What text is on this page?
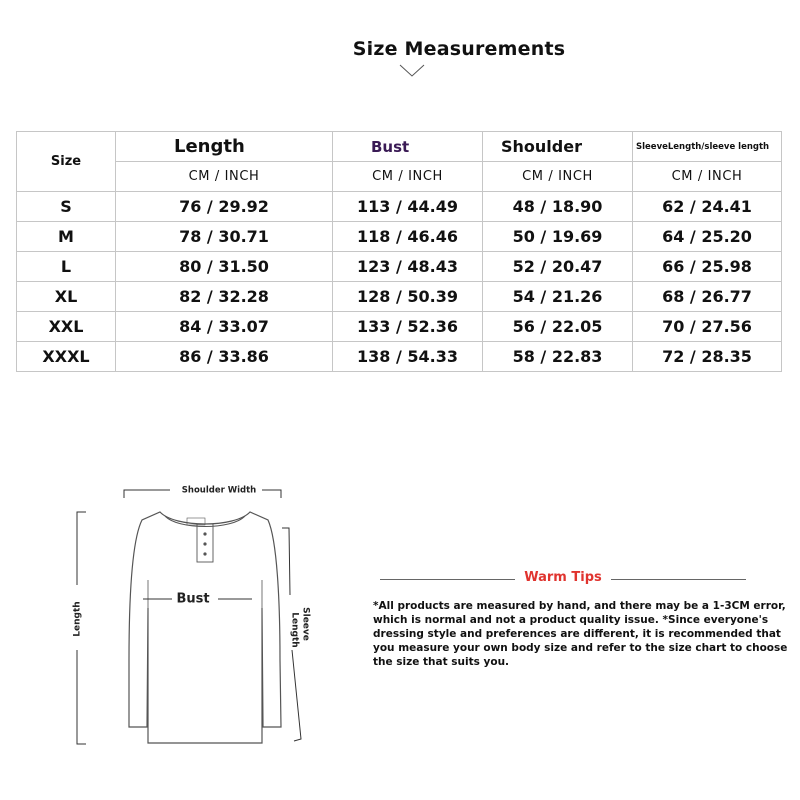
Size Measurements
Size	Length	Bust	Shoulder	SleeveLength/sleeve length
	CM / INCH	CM / INCH	CM / INCH	CM / INCH
S	76 / 29.92	113 / 44.49	48 / 18.90	62 / 24.41
M	78 / 30.71	118 / 46.46	50 / 19.69	64 / 25.20
L	80 / 31.50	123 / 48.43	52 / 20.47	66 / 25.98
XL	82 / 32.28	128 / 50.39	54 / 21.26	68 / 26.77
XXL	84 / 33.07	133 / 52.36	56 / 22.05	70 / 27.56
XXXL	86 / 33.86	138 / 54.33	58 / 22.83	72 / 28.35
Shoulder Width
Bust
Length	Sleeve
Length
Warm Tips
*All products are measured by hand, and there may be a 1-3CM error, which is normal and not a product quality issue. *Since everyone's dressing style and preferences are different, it is recommended that you measure your own body size and refer to the size chart to choose the size that suits you.
